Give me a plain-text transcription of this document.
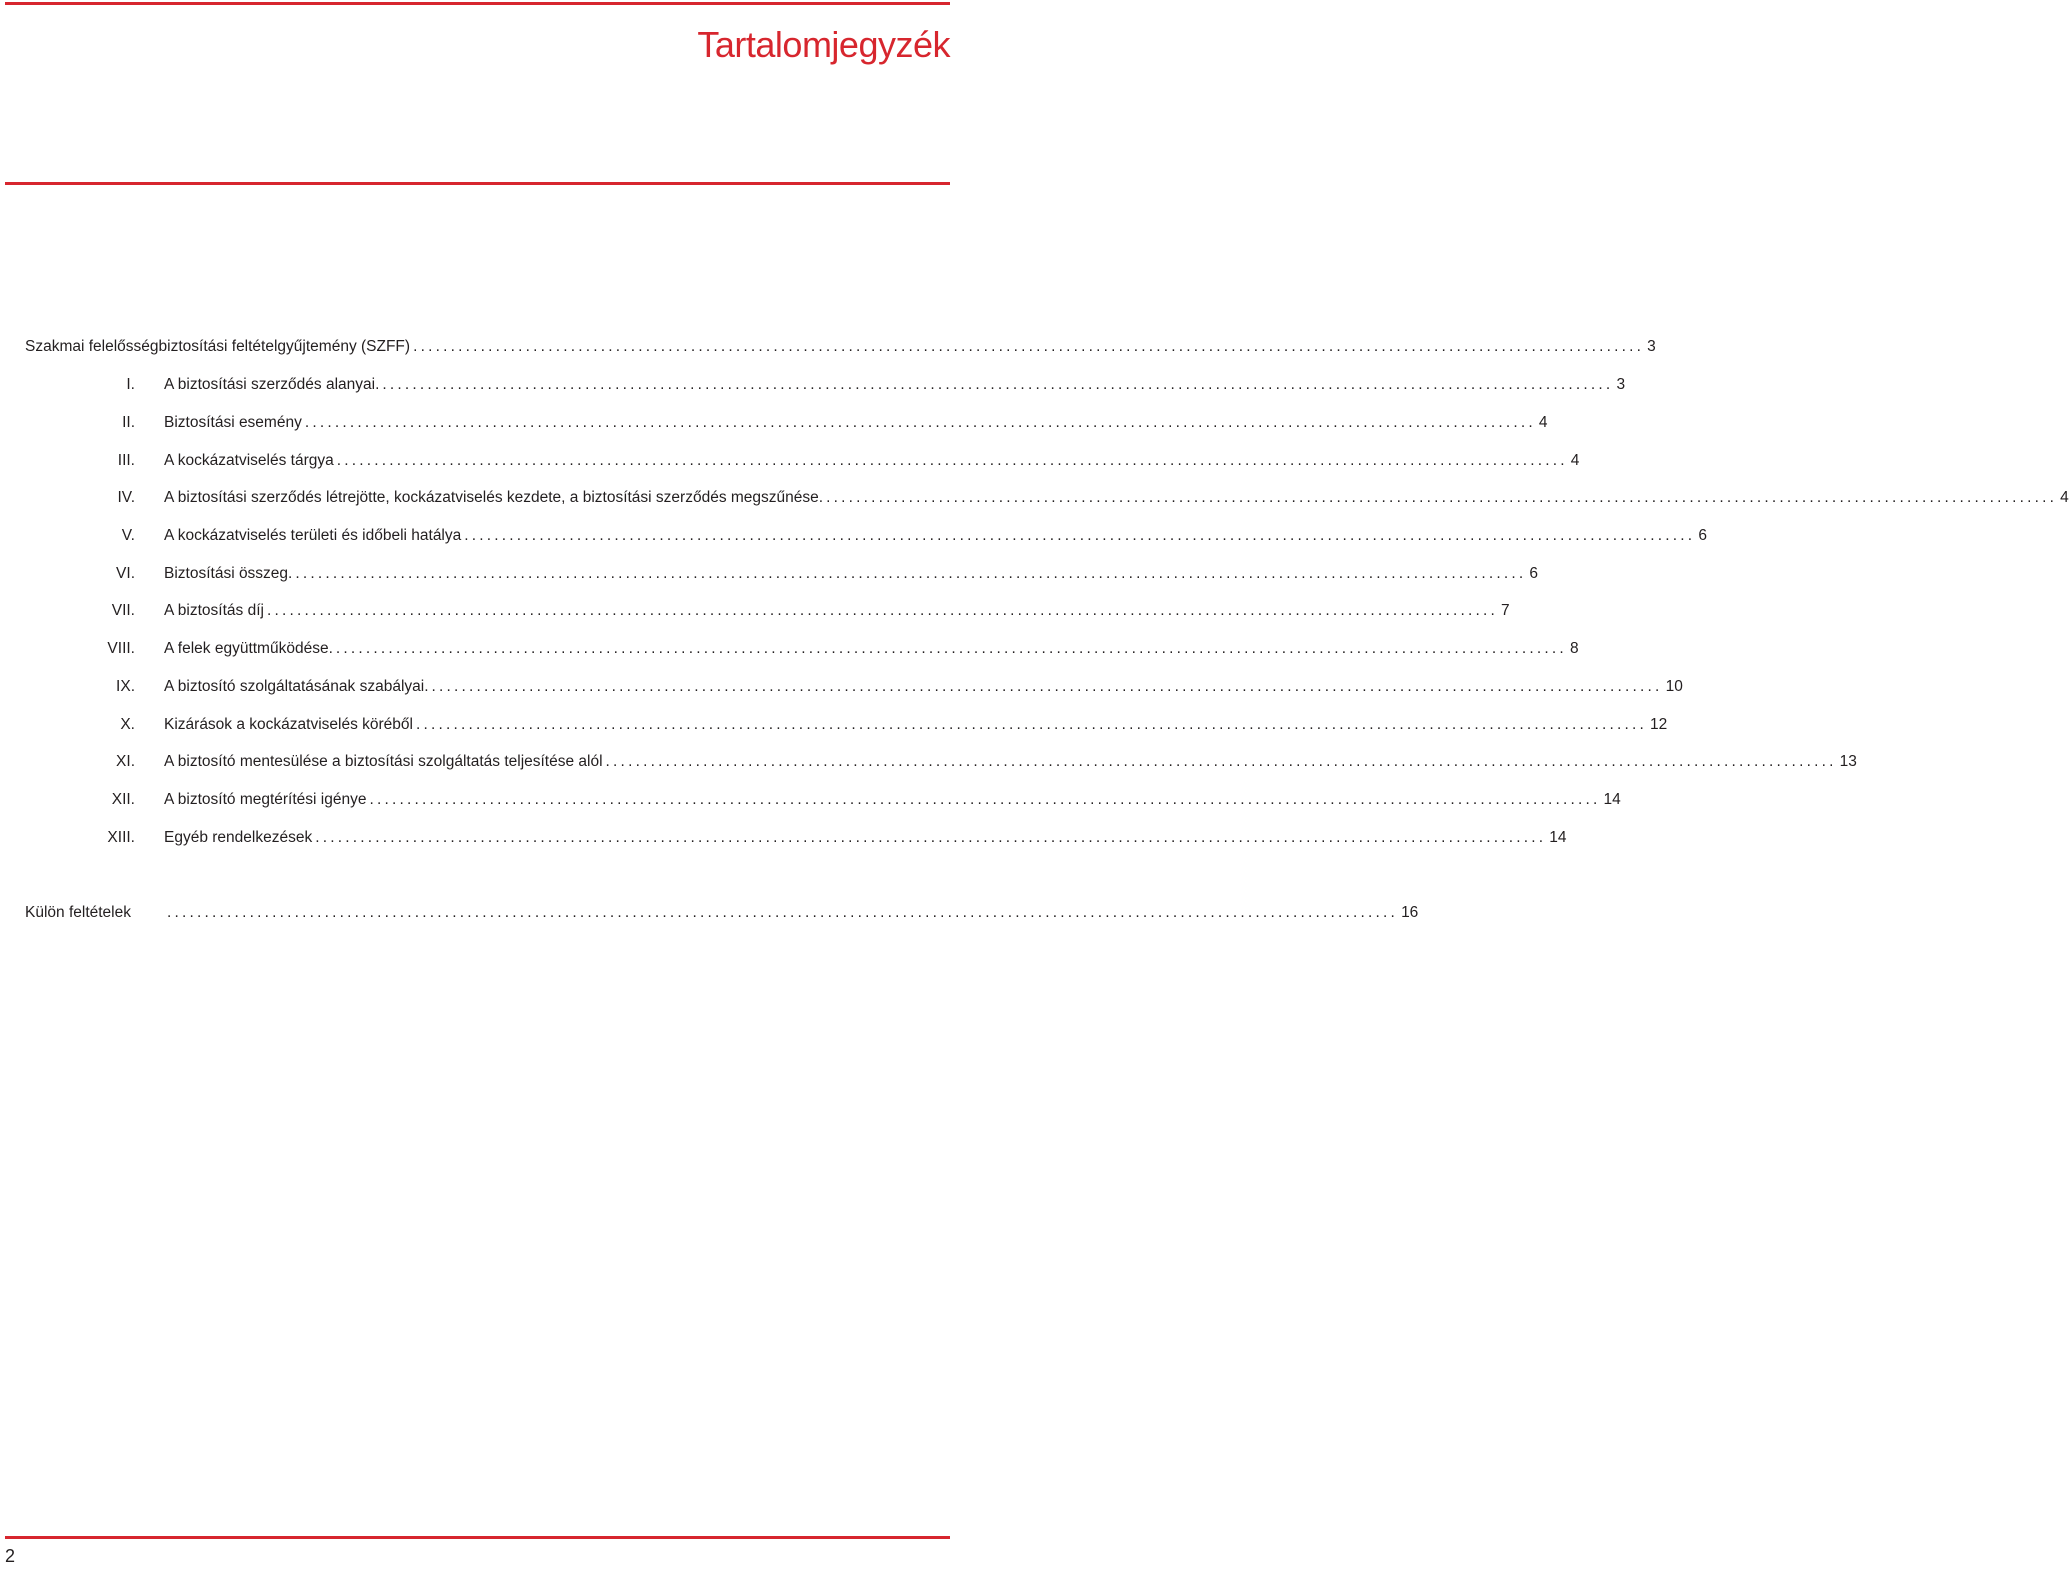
Tartalomjegyzék
Szakmai felelősségbiztosítási feltételgyűjtemény (SZFF) .................................................................................................................................................................... 3
I. A biztosítási szerződés alanyai. .................................................................................................................................................................... 3
II. Biztosítási esemény .................................................................................................................................................................... 4
III. A kockázatviselés tárgya .................................................................................................................................................................... 4
IV. A biztosítási szerződés létrejötte, kockázatviselés kezdete, a biztosítási szerződés megszűnése. .................................................................................................................................................................... 4
V. A kockázatviselés területi és időbeli hatálya .................................................................................................................................................................... 6
VI. Biztosítási összeg. .................................................................................................................................................................... 6
VII. A biztosítás díj .................................................................................................................................................................... 7
VIII. A felek együttműködése. .................................................................................................................................................................... 8
IX. A biztosító szolgáltatásának szabályai. .................................................................................................................................................................... 10
X. Kizárások a kockázatviselés köréből .................................................................................................................................................................... 12
XI. A biztosító mentesülése a biztosítási szolgáltatás teljesítése alól .................................................................................................................................................................... 13
XII. A biztosító megtérítési igénye .................................................................................................................................................................... 14
XIII. Egyéb rendelkezések .................................................................................................................................................................... 14
Külön feltételek	.................................................................................................................................................................... 16
2
